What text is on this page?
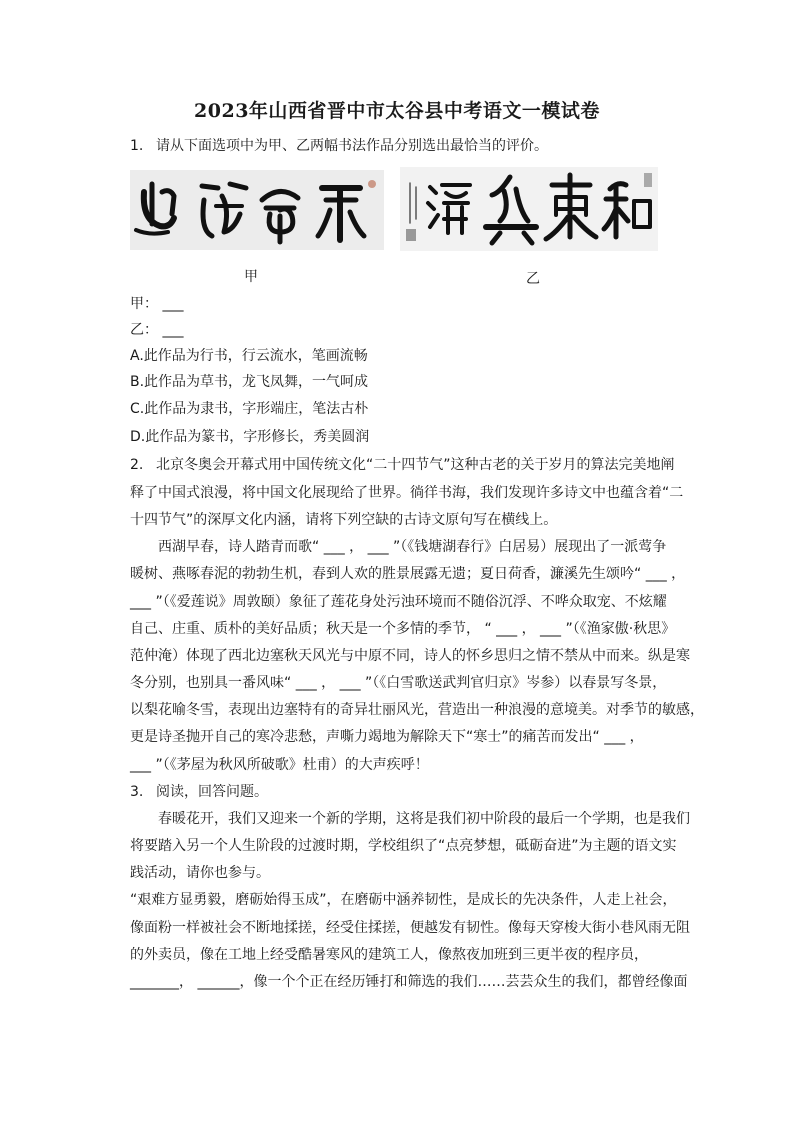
2023年山西省晋中市太谷县中考语文一模试卷
1. 请从下面选项中为甲、乙两幅书法作品分别选出最恰当的评价。
甲	乙
甲： ___
乙： ___
A.此作品为行书，行云流水，笔画流畅
B.此作品为草书，龙飞凤舞，一气呵成
C.此作品为隶书，字形端庄，笔法古朴
D.此作品为篆书，字形修长，秀美圆润
2. 北京冬奥会开幕式用中国传统文化“二十四节气”这种古老的关于岁月的算法完美地阐
释了中国式浪漫，将中国文化展现给了世界。徜徉书海，我们发现许多诗文中也蕴含着“二
十四节气”的深厚文化内涵，请将下列空缺的古诗文原句写在横线上。
　　西湖早春，诗人踏青而歌“ ___ ， ___ ”（《钱塘湖春行》白居易）展现出了一派莺争
暖树、燕啄春泥的勃勃生机，春到人欢的胜景展露无遗；夏日荷香，濂溪先生颂吟“ ___ ，
___ ”（《爱莲说》周敦颐）象征了莲花身处污浊环境而不随俗沉浮、不哗众取宠、不炫耀
自己、庄重、质朴的美好品质；秋天是一个多情的季节， “ ___ ， ___ ”（《渔家傲·秋思》
范仲淹）体现了西北边塞秋天风光与中原不同，诗人的怀乡思归之情不禁从中而来。纵是寒
冬分别，也别具一番风味“ ___ ， ___ ”（《白雪歌送武判官归京》岑参）以春景写冬景，
以梨花喻冬雪，表现出边塞特有的奇异壮丽风光，营造出一种浪漫的意境美。对季节的敏感，
更是诗圣抛开自己的寒冷悲愁，声嘶力竭地为解除天下“寒士”的痛苦而发出“ ___ ，
___ ”（《茅屋为秋风所破歌》杜甫）的大声疾呼！
3. 阅读，回答问题。
　　春暖花开，我们又迎来一个新的学期，这将是我们初中阶段的最后一个学期，也是我们
将要踏入另一个人生阶段的过渡时期，学校组织了“点亮梦想，砥砺奋进”为主题的语文实
践活动，请你也参与。
“艰难方显勇毅，磨砺始得玉成”，在磨砺中涵养韧性，是成长的先决条件，人走上社会，
像面粉一样被社会不断地揉搓，经受住揉搓，便越发有韧性。像每天穿梭大街小巷风雨无阻
的外卖员，像在工地上经受酷暑寒风的建筑工人，像熬夜加班到三更半夜的程序员，
_______， ______，像一个个正在经历锤打和筛选的我们……芸芸众生的我们，都曾经像面
